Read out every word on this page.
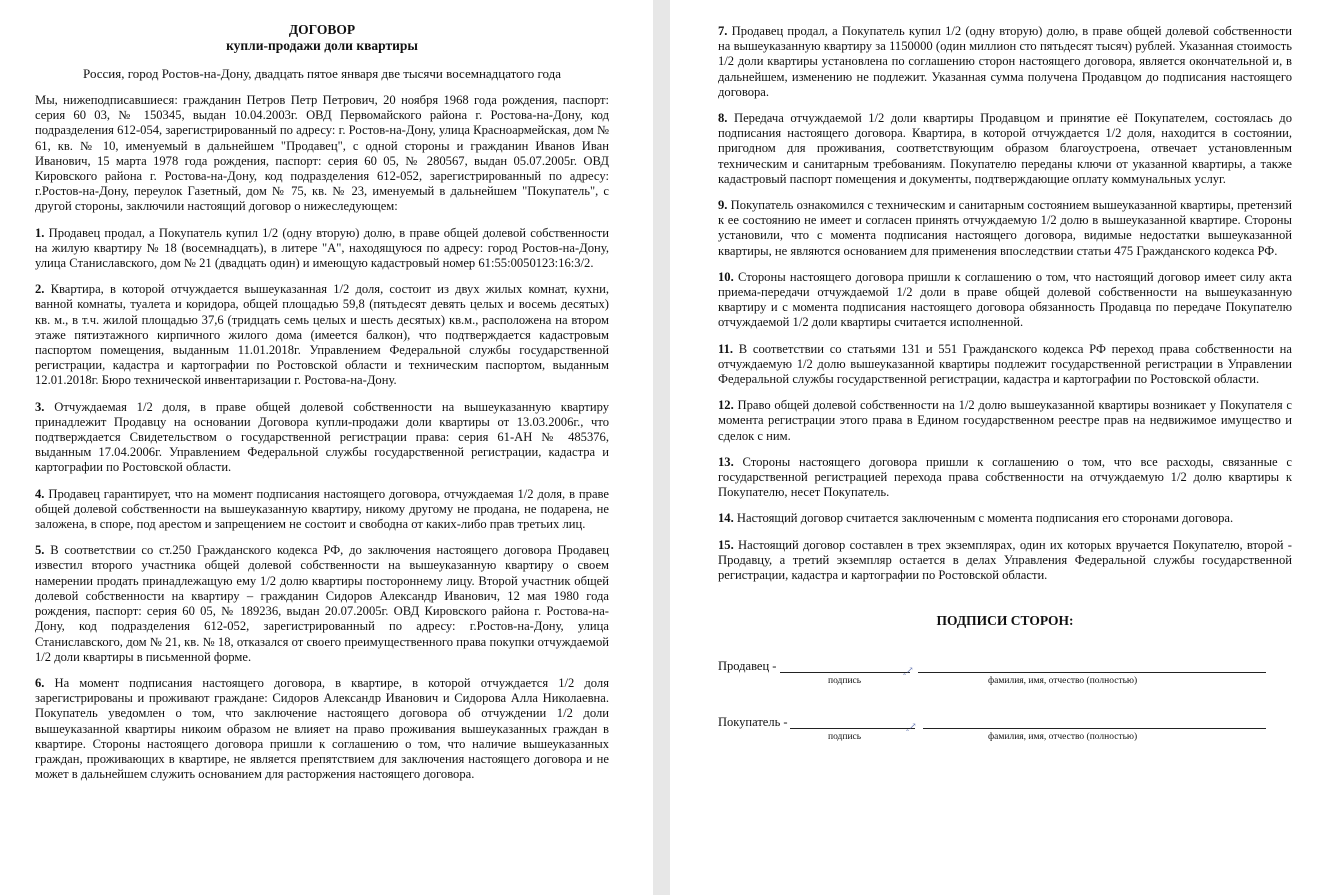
ДОГОВОР
купли-продажи доли квартиры
Россия, город Ростов-на-Дону, двадцать пятое января две тысячи восемнадцатого года

Мы, нижеподписавшиеся: гражданин Петров Петр Петрович, 20 ноября 1968 года рождения, паспорт: серия 60 03, № 150345, выдан 10.04.2003г. ОВД Первомайского района г. Ростова-на-Дону, код подразделения 612-054, зарегистрированный по адресу: г. Ростов-на-Дону, улица Красноармейская, дом № 61, кв. № 10, именуемый в дальнейшем "Продавец", с одной стороны и гражданин Иванов Иван Иванович, 15 марта 1978 года рождения, паспорт: серия 60 05, № 280567, выдан 05.07.2005г. ОВД Кировского района г. Ростова-на-Дону, код подразделения 612-052, зарегистрированный по адресу: г.Ростов-на-Дону, переулок Газетный, дом № 75, кв. № 23, именуемый в дальнейшем "Покупатель", с другой стороны, заключили настоящий договор о нижеследующем:

1. Продавец продал, а Покупатель купил 1/2 (одну вторую) долю, в праве общей долевой собственности на жилую квартиру № 18 (восемнадцать), в литере "А", находящуюся по адресу: город Ростов-на-Дону, улица Станиславского, дом № 21 (двадцать один) и имеющую кадастровый номер 61:55:0050123:16:3/2.

2. Квартира, в которой отчуждается вышеуказанная 1/2 доля, состоит из двух жилых комнат, кухни, ванной комнаты, туалета и коридора, общей площадью 59,8 (пятьдесят девять целых и восемь десятых) кв. м., в т.ч. жилой площадью 37,6 (тридцать семь целых и шесть десятых) кв.м., расположена на втором этаже пятиэтажного кирпичного жилого дома (имеется балкон), что подтверждается кадастровым паспортом помещения, выданным 11.01.2018г. Управлением Федеральной службы государственной регистрации, кадастра и картографии по Ростовской области и техническим паспортом, выданным 12.01.2018г. Бюро технической инвентаризации г. Ростова-на-Дону.

3. Отчуждаемая 1/2 доля, в праве общей долевой собственности на вышеуказанную квартиру принадлежит Продавцу на основании Договора купли-продажи доли квартиры от 13.03.2006г., что подтверждается Свидетельством о государственной регистрации права: серия 61-АН № 485376, выданным 17.04.2006г. Управлением Федеральной службы государственной регистрации, кадастра и картографии по Ростовской области.

4. Продавец гарантирует, что на момент подписания настоящего договора, отчуждаемая 1/2 доля, в праве общей долевой собственности на вышеуказанную квартиру, никому другому не продана, не подарена, не заложена, в споре, под арестом и запрещением не состоит и свободна от каких-либо прав третьих лиц.

5. В соответствии со ст.250 Гражданского кодекса РФ, до заключения настоящего договора Продавец известил второго участника общей долевой собственности на вышеуказанную квартиру о своем намерении продать принадлежащую ему 1/2 долю квартиры постороннему лицу. Второй участник общей долевой собственности на квартиру – гражданин Сидоров Александр Иванович, 12 мая 1980 года рождения, паспорт: серия 60 05, № 189236, выдан 20.07.2005г. ОВД Кировского района г. Ростова-на-Дону, код подразделения 612-052, зарегистрированный по адресу: г.Ростов-на-Дону, улица Станиславского, дом № 21, кв. № 18, отказался от своего преимущественного права покупки отчуждаемой 1/2 доли квартиры в письменной форме.

6. На момент подписания настоящего договора, в квартире, в которой отчуждается 1/2 доля зарегистрированы и проживают граждане: Сидоров Александр Иванович и Сидорова Алла Николаевна. Покупатель уведомлен о том, что заключение настоящего договора об отчуждении 1/2 доли вышеуказанной квартиры никоим образом не влияет на право проживания вышеуказанных граждан в квартире. Стороны настоящего договора пришли к соглашению о том, что наличие вышеуказанных граждан, проживающих в квартире, не является препятствием для заключения настоящего договора и не может в дальнейшем служить основанием для расторжения настоящего договора.

7. Продавец продал, а Покупатель купил 1/2 (одну вторую) долю, в праве общей долевой собственности на вышеуказанную квартиру за 1150000 (один миллион сто пятьдесят тысяч) рублей. Указанная стоимость 1/2 доли квартиры установлена по соглашению сторон настоящего договора, является окончательной и, в дальнейшем, изменению не подлежит. Указанная сумма получена Продавцом до подписания настоящего договора.

8. Передача отчуждаемой 1/2 доли квартиры Продавцом и принятие её Покупателем, состоялась до подписания настоящего договора. Квартира, в которой отчуждается 1/2 доля, находится в состоянии, пригодном для проживания, соответствующим образом благоустроена, отвечает установленным техническим и санитарным требованиям. Покупателю переданы ключи от указанной квартиры, а также кадастровый паспорт помещения и документы, подтверждающие оплату коммунальных услуг.

9. Покупатель ознакомился с техническим и санитарным состоянием вышеуказанной квартиры, претензий к ее состоянию не имеет и согласен принять отчуждаемую 1/2 долю в вышеуказанной квартире. Стороны установили, что с момента подписания настоящего договора, видимые недостатки вышеуказанной квартиры, не являются основанием для применения впоследствии статьи 475 Гражданского кодекса РФ.

10. Стороны настоящего договора пришли к соглашению о том, что настоящий договор имеет силу акта приема-передачи отчуждаемой 1/2 доли в праве общей долевой собственности на вышеуказанную квартиру и с момента подписания настоящего договора обязанность Продавца по передаче Покупателю отчуждаемой 1/2 доли квартиры считается исполненной.

11. В соответствии со статьями 131 и 551 Гражданского кодекса РФ переход права собственности на отчуждаемую 1/2 долю вышеуказанной квартиры подлежит государственной регистрации в Управлении Федеральной службы государственной регистрации, кадастра и картографии по Ростовской области.

12. Право общей долевой собственности на 1/2 долю вышеуказанной квартиры возникает у Покупателя с момента регистрации этого права в Едином государственном реестре прав на недвижимое имущество и сделок с ним.

13. Стороны настоящего договора пришли к соглашению о том, что все расходы, связанные с государственной регистрацией перехода права собственности на отчуждаемую 1/2 долю квартиры к Покупателю, несет Покупатель.

14. Настоящий договор считается заключенным с момента подписания его сторонами договора.

15. Настоящий договор составлен в трех экземплярах, один их которых вручается Покупателю, второй - Продавцу, а третий экземпляр остается в делах Управления Федеральной службы государственной регистрации, кадастра и картографии по Ростовской области.

ПОДПИСИ СТОРОН:
Продавец -	ꞈ↗
подпись	фамилия, имя, отчество (полностью)
Покупатель -	ꞈ↗
подпись	фамилия, имя, отчество (полностью)
